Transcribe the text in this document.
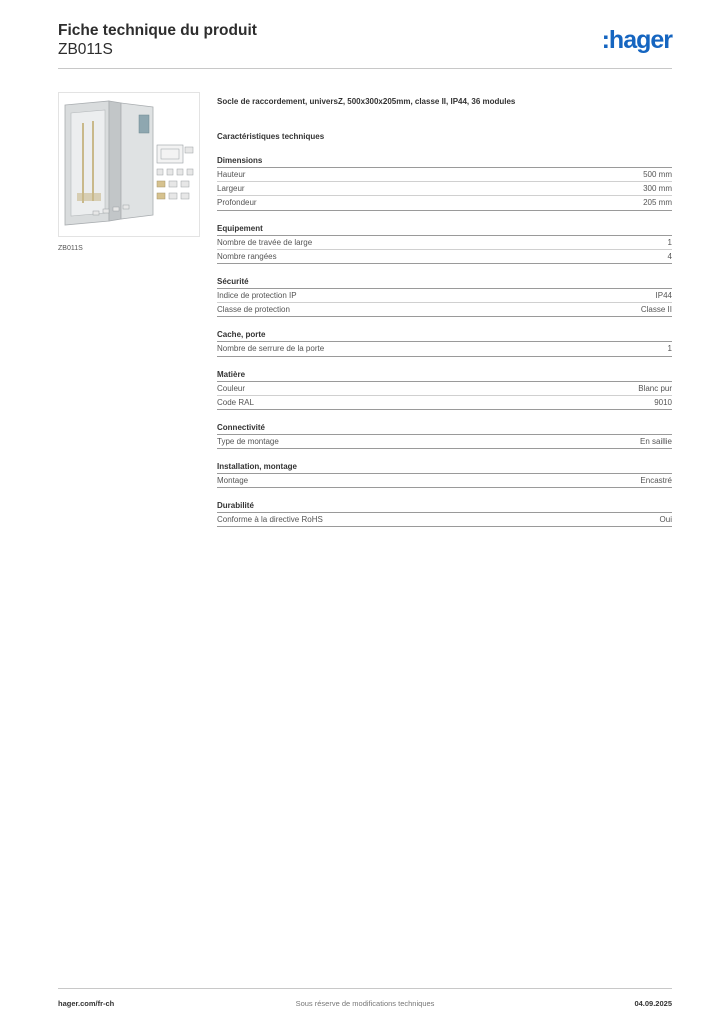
Fiche technique du produit
ZB011S	:hager
ZB011S
Socle de raccordement, universZ, 500x300x205mm, classe II, IP44, 36 modules
Caractéristiques techniques
Dimensions
Hauteur	500 mm
Largeur	300 mm
Profondeur	205 mm
Equipement
Nombre de travée de large	1
Nombre rangées	4
Sécurité
Indice de protection IP	IP44
Classe de protection	Classe II
Cache, porte
Nombre de serrure de la porte	1
Matière
Couleur	Blanc pur
Code RAL	9010
Connectivité
Type de montage	En saillie
Installation, montage
Montage	Encastré
Durabilité
Conforme à la directive RoHS	Oui
hager.com/fr-ch	Sous réserve de modifications techniques	04.09.2025
